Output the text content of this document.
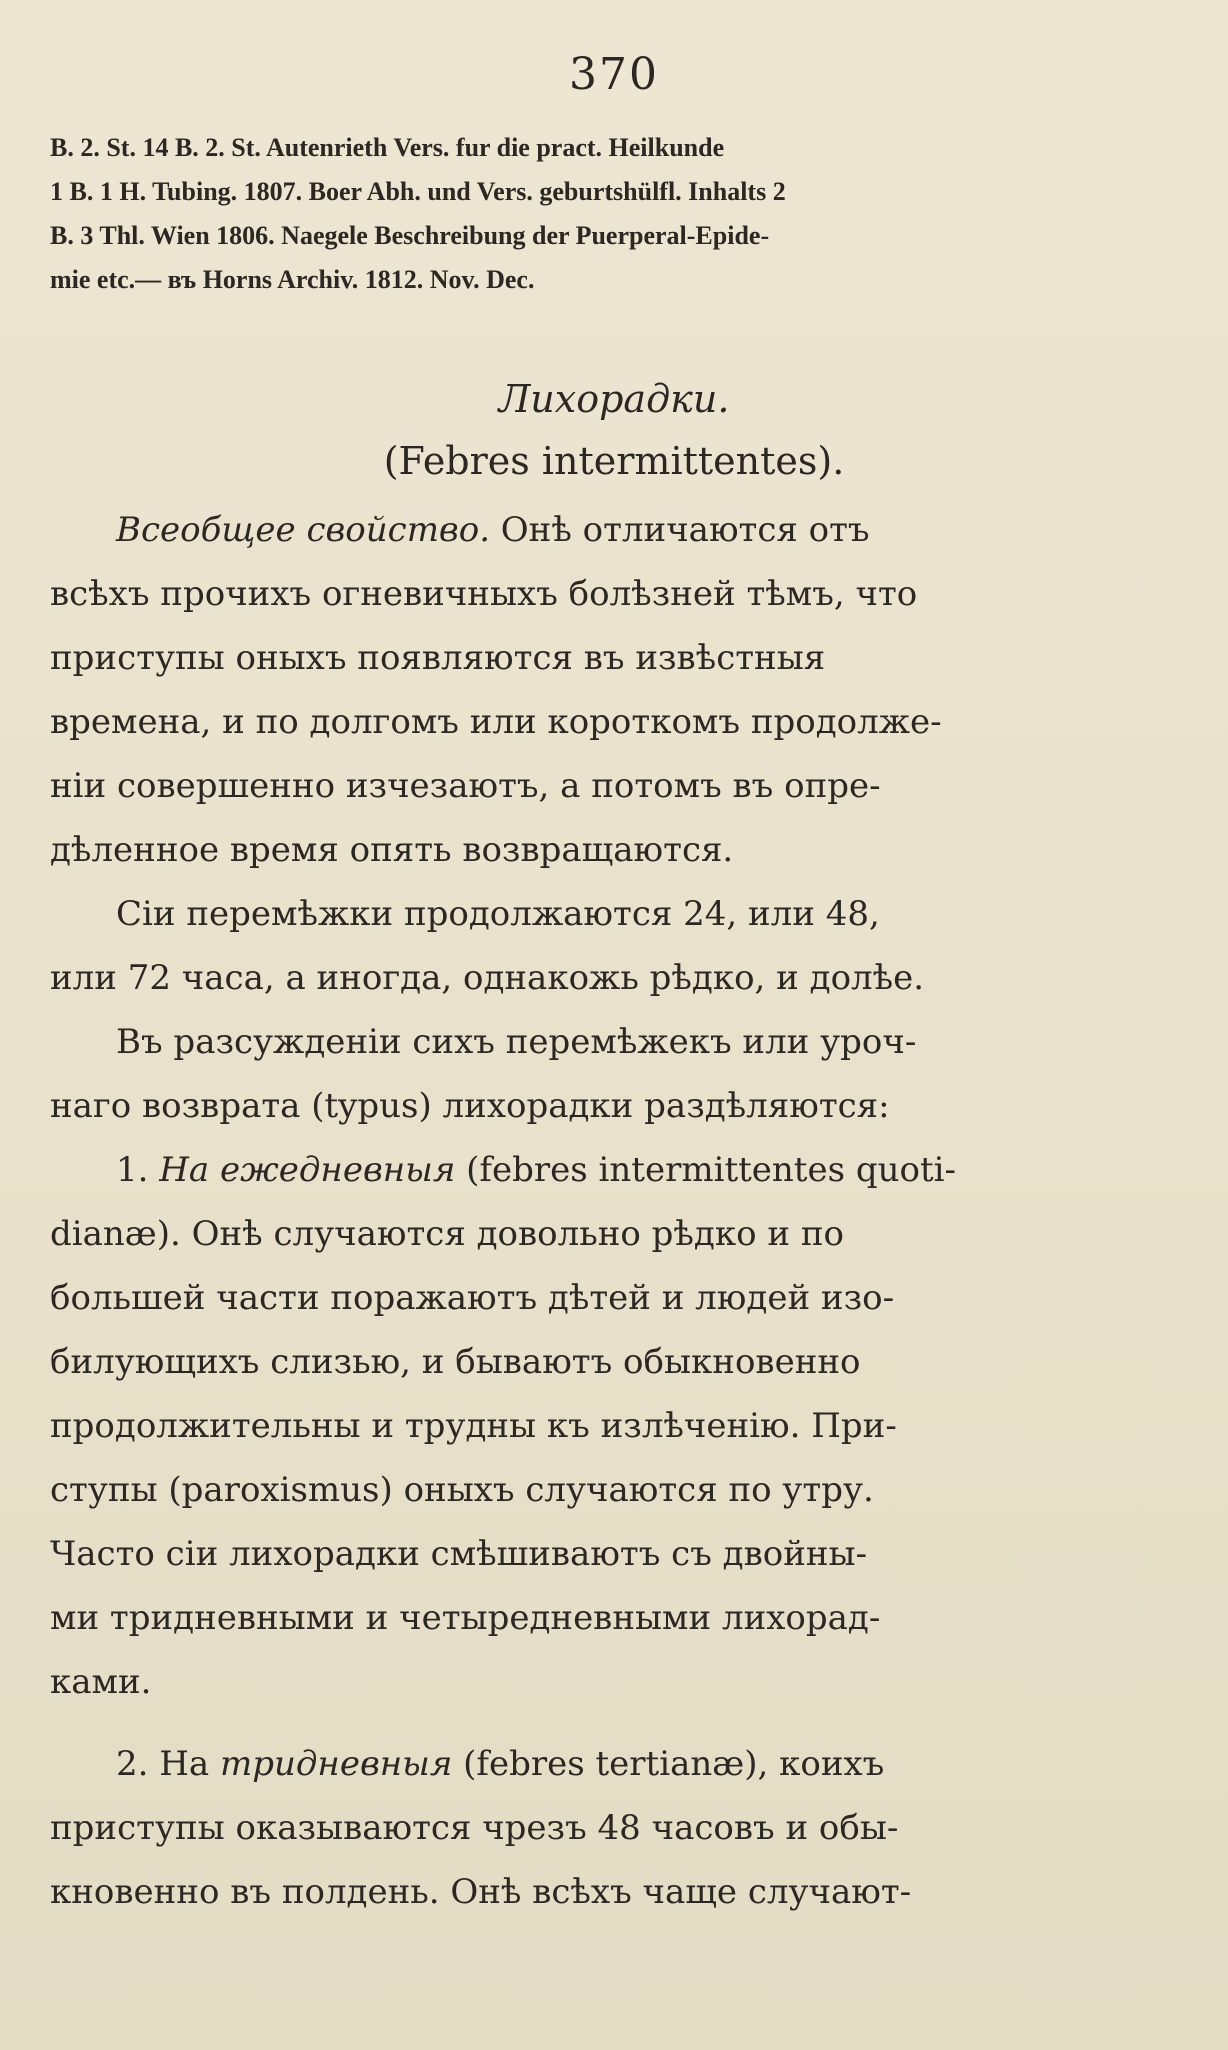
370
B. 2. St. 14 B. 2. St. Autenrieth Vers. fur die pract. Heilkunde
1 B. 1 H. Tubing. 1807. Boer Abh. und Vers. geburtshülfl. Inhalts 2
B. 3 Thl. Wien 1806. Naegele Beschreibung der Puerperal-Epide-
mie etc.— въ Horns Archiv. 1812. Nov. Dec.
Лихорадки.
(Febres intermittentes).
Всеобщее свойство. Онѣ отличаются отъ
всѣхъ прочихъ огневичныхъ болѣзней тѣмъ, что
приступы оныхъ появляются въ извѣстныя
времена, и по долгомъ или короткомъ продолже-
ніи совершенно изчезаютъ, а потомъ въ опре-
дѣленное время опять возвращаются.
Сіи перемѣжки продолжаются 24, или 48,
или 72 часа, а иногда, однакожь рѣдко, и долѣе.
Въ разсужденіи сихъ перемѣжекъ или уроч-
наго возврата (typus) лихорадки раздѣляются:
1. На ежедневныя (febres intermittentes quoti-
dianæ). Онѣ случаются довольно рѣдко и по
большей части поражаютъ дѣтей и людей изо-
билующихъ слизью, и бываютъ обыкновенно
продолжительны и трудны къ излѣченію. При-
ступы (paroxismus) оныхъ случаются по утру.
Часто сіи лихорадки смѣшиваютъ съ двойны-
ми тридневными и четыредневными лихорад-
ками.
2. На тридневныя (febres tertianæ), коихъ
приступы оказываются чрезъ 48 часовъ и обы-
кновенно въ полдень. Онѣ всѣхъ чаще случают-
